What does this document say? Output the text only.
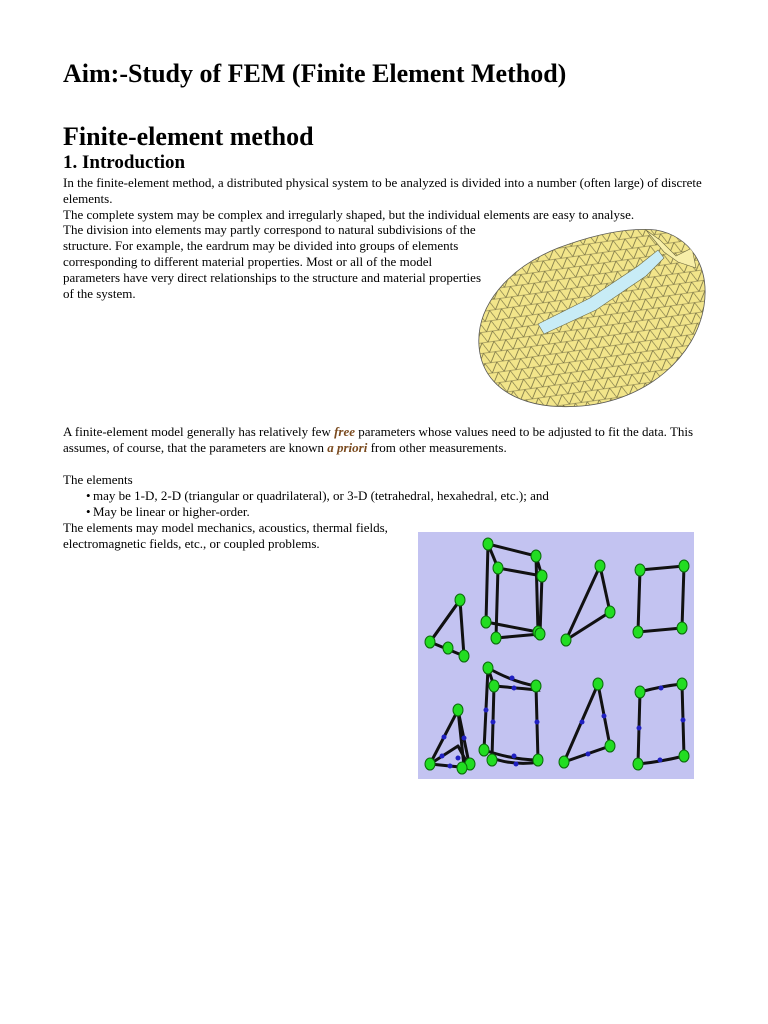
Aim:-Study of FEM (Finite Element Method)
Finite-element method
1. Introduction

In the finite-element method, a distributed physical system to be analyzed is divided into a number (often large) of discrete elements.

The complete system may be complex and irregularly shaped, but the individual elements are easy to analyse.

The division into elements may partly correspond to natural subdivisions of the structure. For example, the eardrum may be divided into groups of elements corresponding to different material properties. Most or all of the model parameters have very direct relationships to the structure and material properties of the system.

A finite-element model generally has relatively few free parameters whose values need to be adjusted to fit the data. This assumes, of course, that the parameters are known a priori from other measurements.

The elements

• may be 1-D, 2-D (triangular or quadrilateral), or 3-D (tetrahedral, hexahedral, etc.); and
• May be linear or higher-order.

The elements may model mechanics, acoustics, thermal fields, electromagnetic fields, etc., or coupled problems.
